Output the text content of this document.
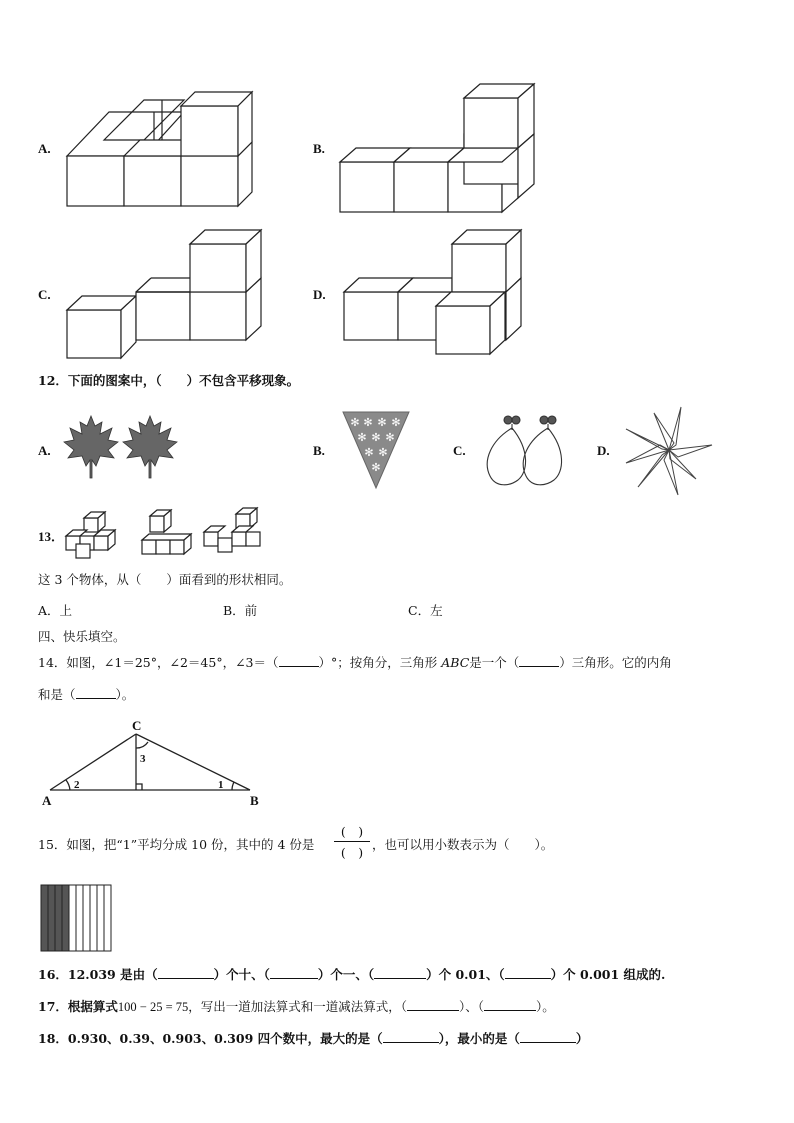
A.	B.
C.	D.
12．下面的图案中，（　　）不包含平移现象。
A.	B.
✻ ✻ ✻ ✻
✻ ✻ ✻
✻ ✻
✻
C.	D.
13．
这 3 个物体，从（　　）面看到的形状相同。
A．上	B．前	C．左
四、快乐填空。
14．如图，∠1＝25°，∠2＝45°，∠3＝（	）°；按角分，三角形 ABC是一个（	）三角形。它的内角
和是（	）。
C
A	B
1
2
3
15．如图，把“1”平均分成 10 份，其中的 4 份是
(　)
(　)
，也可以用小数表示为（　　）。
16．12.039 是由（	）个十、（	）个一、（	）个 0.01、（	）个 0.001 组成的.
17．根据算式100 − 25 = 75，写出一道加法算式和一道减法算式，（	）、（	）。
18．0.930、0.39、0.903、0.309 四个数中，最大的是（	），最小的是（	）
